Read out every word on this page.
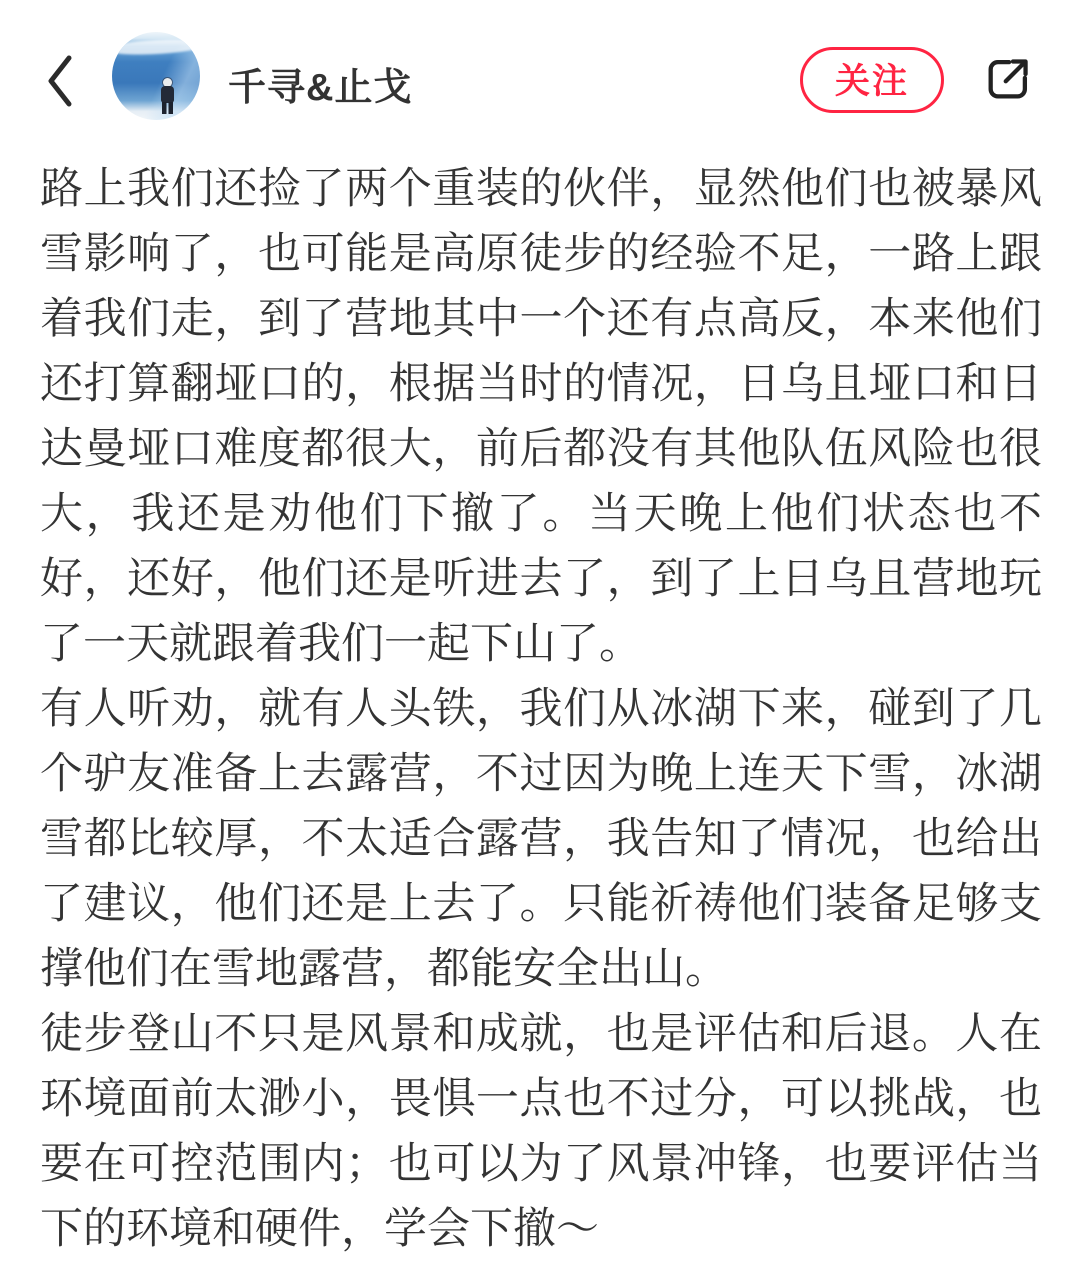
千寻&止戈	关注

路上我们还捡了两个重装的伙伴，显然他们也被暴风雪影响了，也可能是高原徒步的经验不足，一路上跟着我们走，到了营地其中一个还有点高反，本来他们还打算翻垭口的，根据当时的情况，日乌且垭口和日达曼垭口难度都很大，前后都没有其他队伍风险也很大，我还是劝他们下撤了。当天晚上他们状态也不好，还好，他们还是听进去了，到了上日乌且营地玩了一天就跟着我们一起下山了。

有人听劝，就有人头铁，我们从冰湖下来，碰到了几个驴友准备上去露营，不过因为晚上连天下雪，冰湖雪都比较厚，不太适合露营，我告知了情况，也给出了建议，他们还是上去了。只能祈祷他们装备足够支撑他们在雪地露营，都能安全出山。

徒步登山不只是风景和成就，也是评估和后退。人在环境面前太渺小，畏惧一点也不过分，可以挑战，也要在可控范围内；也可以为了风景冲锋，也要评估当下的环境和硬件，学会下撤～
